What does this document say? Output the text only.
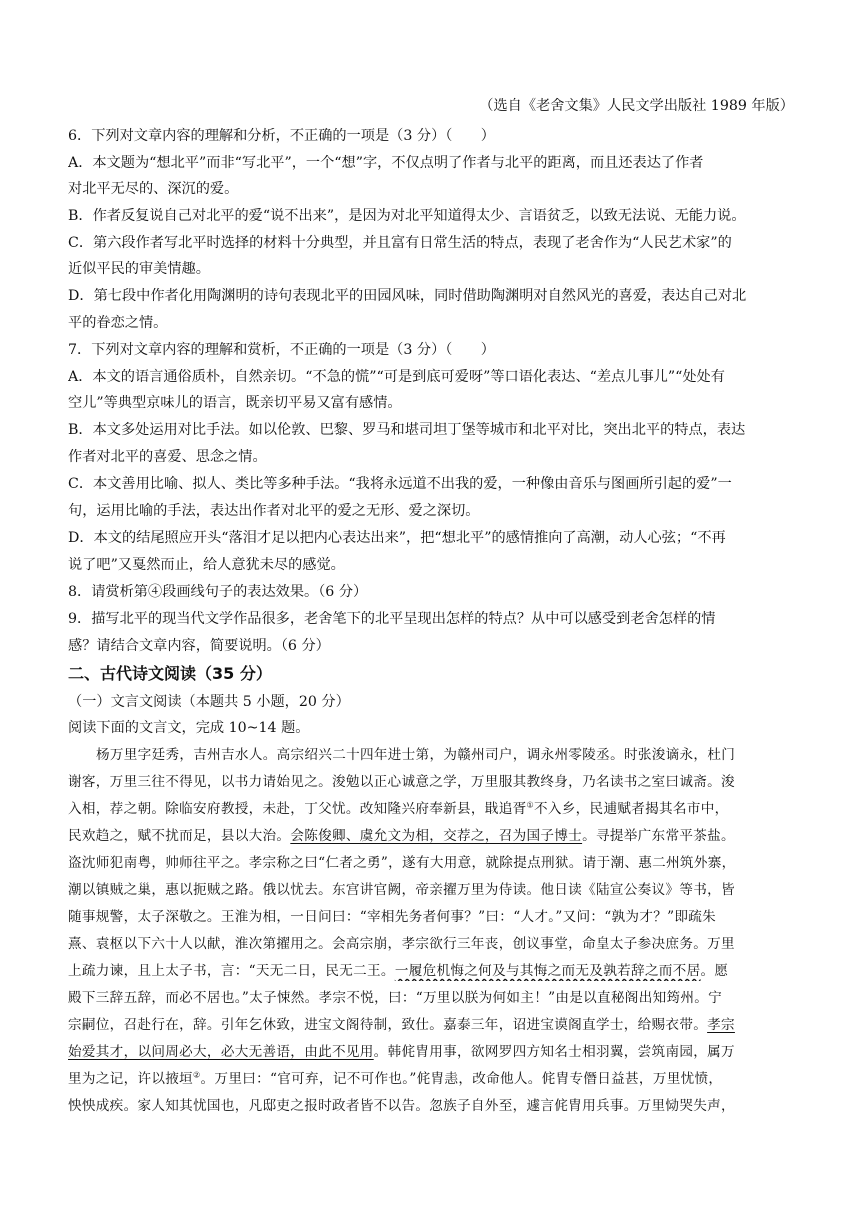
（选自《老舍文集》人民文学出版社 1989 年版）
6．下列对文章内容的理解和分析，不正确的一项是（3 分）（　　）
A．本文题为“想北平”而非“写北平”，一个“想”字，不仅点明了作者与北平的距离，而且还表达了作者
对北平无尽的、深沉的爱。
B．作者反复说自己对北平的爱“说不出来”，是因为对北平知道得太少、言语贫乏，以致无法说、无能力说。
C．第六段作者写北平时选择的材料十分典型，并且富有日常生活的特点，表现了老舍作为“人民艺术家”的
近似平民的审美情趣。
D．第七段中作者化用陶渊明的诗句表现北平的田园风味，同时借助陶渊明对自然风光的喜爱，表达自己对北
平的眷恋之情。
7．下列对文章内容的理解和赏析，不正确的一项是（3 分）（　　）
A．本文的语言通俗质朴，自然亲切。“不急的慌”“可是到底可爱呀”等口语化表达、“差点儿事儿”“处处有
空儿”等典型京味儿的语言，既亲切平易又富有感情。
B．本文多处运用对比手法。如以伦敦、巴黎、罗马和堪司坦丁堡等城市和北平对比，突出北平的特点，表达
作者对北平的喜爱、思念之情。
C．本文善用比喻、拟人、类比等多种手法。“我将永远道不出我的爱，一种像由音乐与图画所引起的爱”一
句，运用比喻的手法，表达出作者对北平的爱之无形、爱之深切。
D．本文的结尾照应开头“落泪才足以把内心表达出来”，把“想北平”的感情推向了高潮，动人心弦；“不再
说了吧”又戛然而止，给人意犹未尽的感觉。
8．请赏析第④段画线句子的表达效果。（6 分）
9．描写北平的现当代文学作品很多，老舍笔下的北平呈现出怎样的特点？从中可以感受到老舍怎样的情
感？请结合文章内容，简要说明。（6 分）
二、古代诗文阅读（35 分）
（一）文言文阅读（本题共 5 小题，20 分）
阅读下面的文言文，完成 10~14 题。
杨万里字廷秀，吉州吉水人。高宗绍兴二十四年进士第，为赣州司户，调永州零陵丞。时张浚谪永，杜门
谢客，万里三往不得见，以书力请始见之。浚勉以正心诚意之学，万里服其教终身，乃名读书之室曰诚斋。浚
入相，荐之朝。除临安府教授，未赴，丁父忧。改知隆兴府奉新县，戢追胥①不入乡，民逋赋者揭其名市中，
民欢趋之，赋不扰而足，县以大治。会陈俊卿、虞允文为相，交荐之，召为国子博士。寻提举广东常平茶盐。
盗沈师犯南粤，帅师往平之。孝宗称之曰“仁者之勇”，遂有大用意，就除提点刑狱。请于潮、惠二州筑外寨，
潮以镇贼之巢，惠以扼贼之路。俄以忧去。东宫讲官阙，帝亲擢万里为侍读。他日读《陆宣公奏议》等书，皆
随事规警，太子深敬之。王淮为相，一日问曰：“宰相先务者何事？”曰：“人才。”又问：“孰为才？”即疏朱
熹、袁枢以下六十人以献，淮次第擢用之。会高宗崩，孝宗欲行三年丧，创议事堂，命皇太子参决庶务。万里
上疏力谏，且上太子书，言：“天无二日，民无二王。一履危机悔之何及与其悔之而无及孰若辞之而不居。愿
殿下三辞五辞，而必不居也。”太子悚然。孝宗不悦，曰：“万里以朕为何如主！”由是以直秘阁出知筠州。宁
宗嗣位，召赴行在，辞。引年乞休致，进宝文阁待制，致仕。嘉泰三年，诏进宝谟阁直学士，给赐衣带。孝宗
始爱其才，以问周必大，必大无善语，由此不见用。韩侂胄用事，欲网罗四方知名士相羽翼，尝筑南园，属万
里为之记，许以掖垣②。万里曰：“官可弃，记不可作也。”侂胄恚，改命他人。侂胄专僭日益甚，万里忧愤，
怏怏成疾。家人知其忧国也，凡邸吏之报时政者皆不以告。忽族子自外至，遽言侂胄用兵事。万里恸哭失声，
